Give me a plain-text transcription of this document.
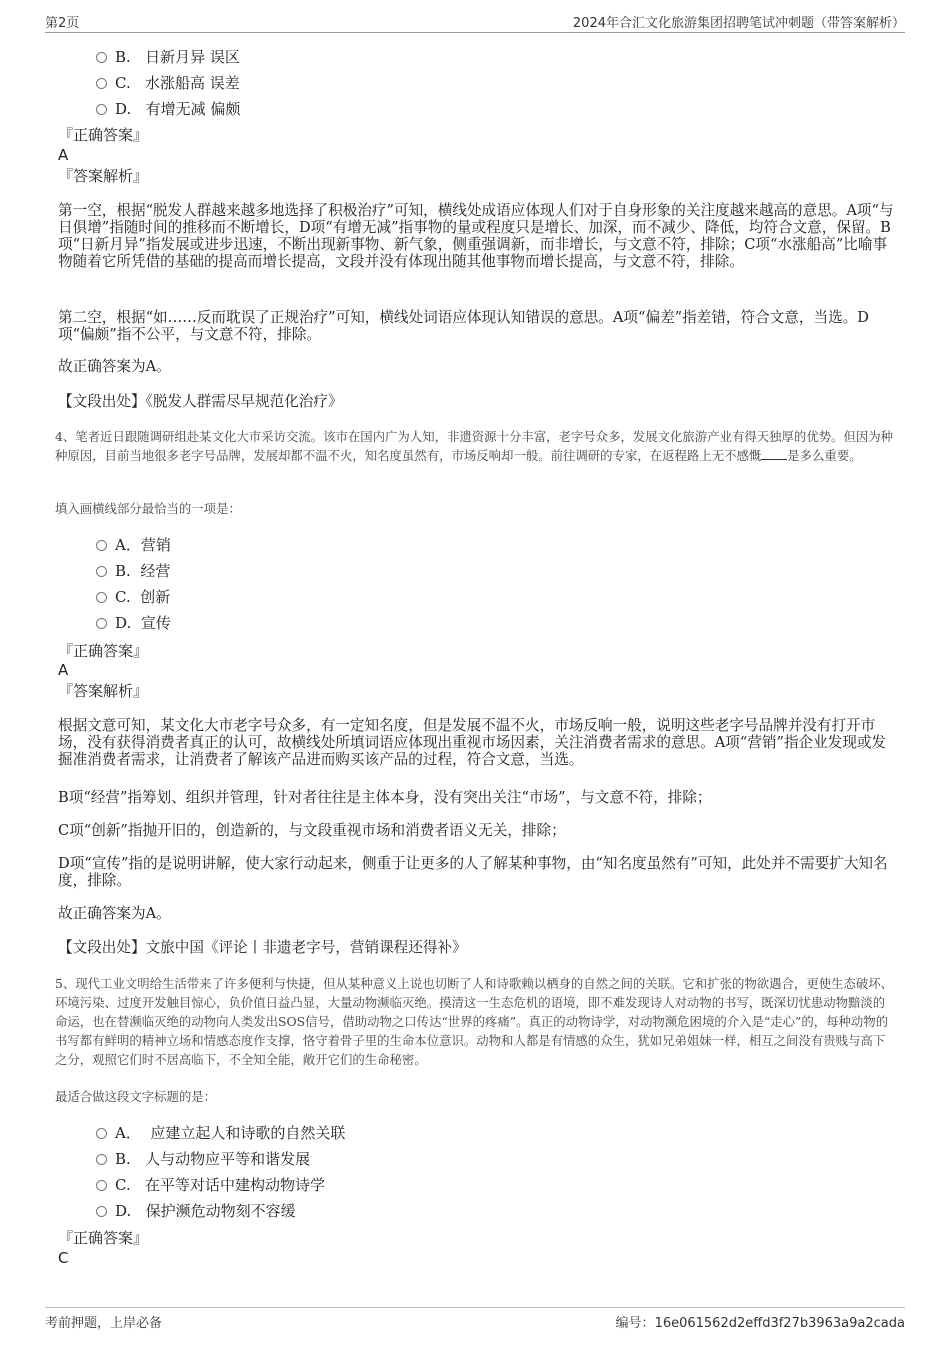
第2页	2024年合汇文化旅游集团招聘笔试冲刺题（带答案解析）
B. 日新月异 误区
C. 水涨船高 误差
D. 有增无减 偏颇
『正确答案』
A
『答案解析』
第一空，根据“脱发人群越来越多地选择了积极治疗”可知，横线处成语应体现人们对于自身形象的关注度越来越高的意思。A项“与日俱增”指随时间的推移而不断增长，D项“有增无减”指事物的量或程度只是增长、加深，而不减少、降低，均符合文意，保留。B项“日新月异”指发展或进步迅速，不断出现新事物、新气象，侧重强调新，而非增长，与文意不符，排除；C项“水涨船高”比喻事物随着它所凭借的基础的提高而增长提高，文段并没有体现出随其他事物而增长提高，与文意不符，排除。
第二空，根据“如……反而耽误了正规治疗”可知，横线处词语应体现认知错误的意思。A项“偏差”指差错，符合文意，当选。D项“偏颇”指不公平，与文意不符，排除。
故正确答案为A。
【文段出处】《脱发人群需尽早规范化治疗》
4、笔者近日跟随调研组赴某文化大市采访交流。该市在国内广为人知，非遗资源十分丰富，老字号众多，发展文化旅游产业有得天独厚的优势。但因为种种原因，目前当地很多老字号品牌，发展却都不温不火，知名度虽然有，市场反响却一般。前往调研的专家，在返程路上无不感慨 是多么重要。
填入画横线部分最恰当的一项是：
A．营销
B. 经营
C. 创新
D. 宣传
『正确答案』
A
『答案解析』
根据文意可知，某文化大市老字号众多，有一定知名度，但是发展不温不火，市场反响一般，说明这些老字号品牌并没有打开市场，没有获得消费者真正的认可，故横线处所填词语应体现出重视市场因素，关注消费者需求的意思。A项“营销”指企业发现或发掘准消费者需求，让消费者了解该产品进而购买该产品的过程，符合文意，当选。
B项“经营”指筹划、组织并管理，针对者往往是主体本身，没有突出关注“市场”，与文意不符，排除；
C项“创新”指抛开旧的，创造新的，与文段重视市场和消费者语义无关，排除；
D项“宣传”指的是说明讲解，使大家行动起来，侧重于让更多的人了解某种事物，由“知名度虽然有”可知，此处并不需要扩大知名度，排除。
故正确答案为A。
【文段出处】文旅中国《评论丨非遗老字号，营销课程还得补》
5、现代工业文明给生活带来了许多便利与快捷，但从某种意义上说也切断了人和诗歌赖以栖身的自然之间的关联。它和扩张的物欲遇合，更使生态破坏、环境污染、过度开发触目惊心，负价值日益凸显，大量动物濒临灭绝。摸清这一生态危机的语境，即不难发现诗人对动物的书写，既深切忧患动物黯淡的命运，也在替濒临灭绝的动物向人类发出SOS信号，借助动物之口传达“世界的疼痛”。真正的动物诗学，对动物濒危困境的介入是“走心”的，每种动物的书写都有鲜明的精神立场和情感态度作支撑，恪守着骨子里的生命本位意识。动物和人都是有情感的众生，犹如兄弟姐妹一样，相互之间没有贵贱与高下之分，观照它们时不居高临下，不全知全能，敞开它们的生命秘密。
最适合做这段文字标题的是：
A． 应建立起人和诗歌的自然关联
B. 人与动物应平等和谐发展
C. 在平等对话中建构动物诗学
D. 保护濒危动物刻不容缓
『正确答案』
C
考前押题，上岸必备	编号：16e061562d2effd3f27b3963a9a2cada
